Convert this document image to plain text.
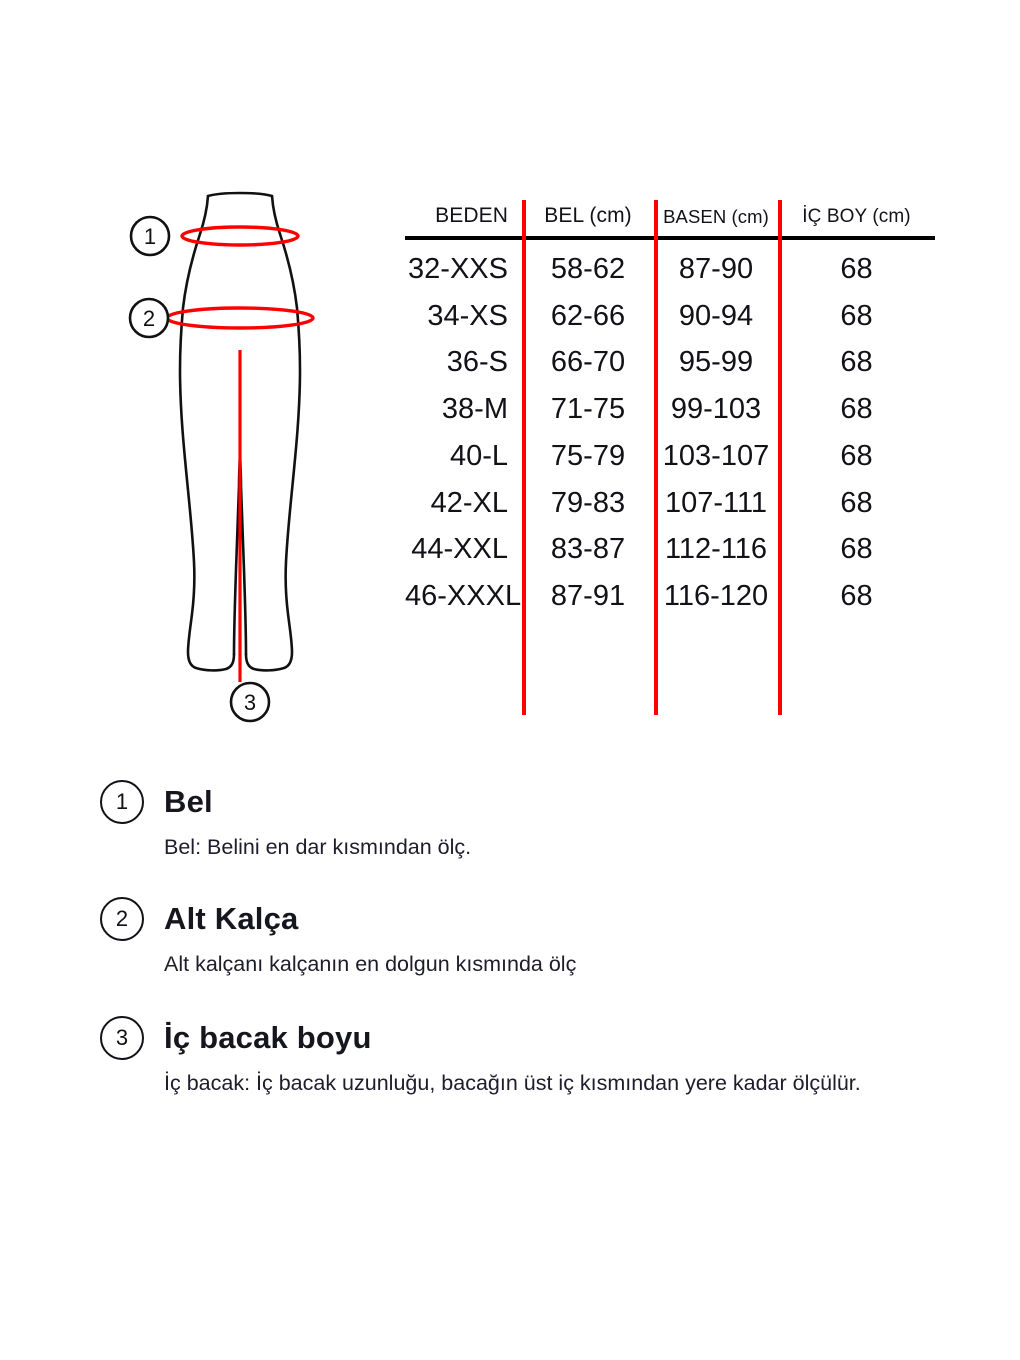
1
2
3
BEDEN	BEL (cm)	BASEN (cm)	İÇ BOY (cm)
32-XXS	58-62	87-90	68
34-XS	62-66	90-94	68
36-S	66-70	95-99	68
38-M	71-75	99-103	68
40-L	75-79	103-107	68
42-XL	79-83	107-111	68
44-XXL	83-87	112-116	68
46-XXXL	87-91	116-120	68
1	Bel
Bel: Belini en dar kısmından ölç.
2	Alt Kalça
Alt kalçanı kalçanın en dolgun kısmında ölç
3	İç bacak boyu
İç bacak: İç bacak uzunluğu, bacağın üst iç kısmından yere kadar ölçülür.
